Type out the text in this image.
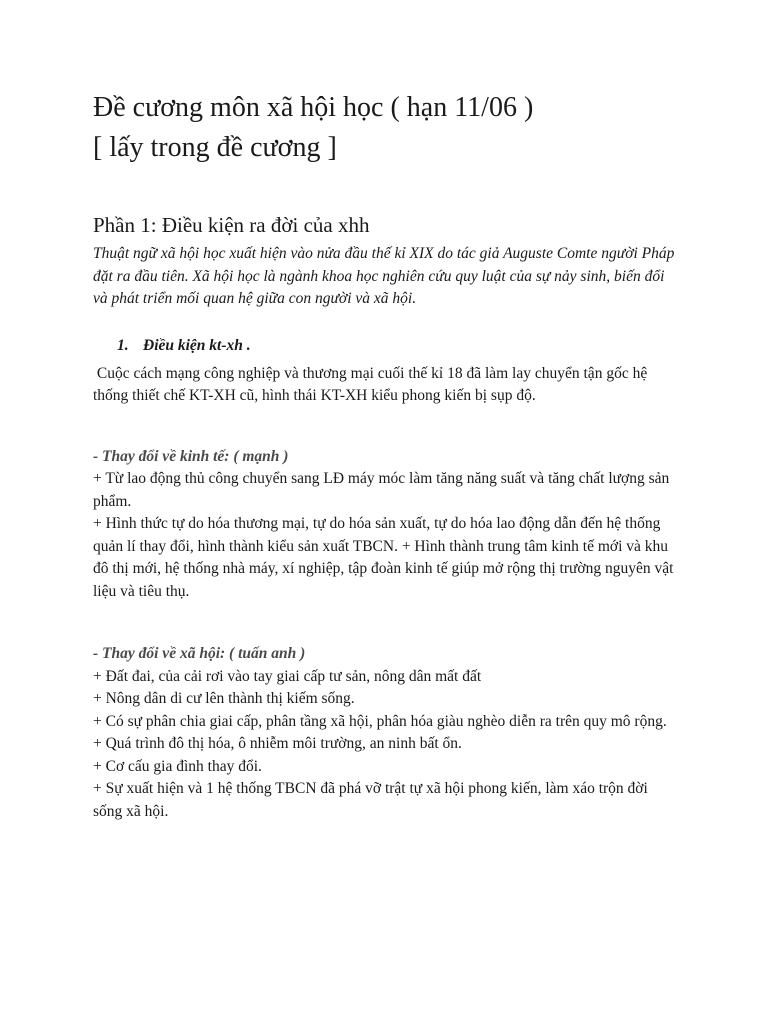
Đề cương môn xã hội học ( hạn 11/06 )
[ lấy trong đề cương ]
Phần 1: Điều kiện ra đời của xhh

Thuật ngữ xã hội học xuất hiện vào nửa đầu thế kỉ XIX do tác giả Auguste Comte người Pháp đặt ra đầu tiên. Xã hội học là ngành khoa học nghiên cứu quy luật của sự nảy sinh, biến đổi và phát triển mối quan hệ giữa con người và xã hội.

1. Điều kiện kt-xh .

Cuộc cách mạng công nghiệp và thương mại cuối thế kỉ 18 đã làm lay chuyển tận gốc hệ thống thiết chế KT-XH cũ, hình thái KT-XH kiểu phong kiến bị sụp độ.

- Thay đổi về kinh tế: ( mạnh )

+ Từ lao động thủ công chuyển sang LĐ máy móc làm tăng năng suất và tăng chất lượng sản phẩm.

+ Hình thức tự do hóa thương mại, tự do hóa sản xuất, tự do hóa lao động dẫn đến hệ thống quản lí thay đổi, hình thành kiểu sản xuất TBCN. + Hình thành trung tâm kinh tế mới và khu đô thị mới, hệ thống nhà máy, xí nghiệp, tập đoàn kinh tế giúp mở rộng thị trường nguyên vật liệu và tiêu thụ.

- Thay đổi về xã hội: ( tuấn anh )

+ Đất đai, của cải rơi vào tay giai cấp tư sản, nông dân mất đất

+ Nông dân di cư lên thành thị kiếm sống.

+ Có sự phân chia giai cấp, phân tầng xã hội, phân hóa giàu nghèo diễn ra trên quy mô rộng.

+ Quá trình đô thị hóa, ô nhiễm môi trường, an ninh bất ổn.

+ Cơ cấu gia đình thay đổi.

+ Sự xuất hiện và 1 hệ thống TBCN đã phá vỡ trật tự xã hội phong kiến, làm xáo trộn đời sống xã hội.
